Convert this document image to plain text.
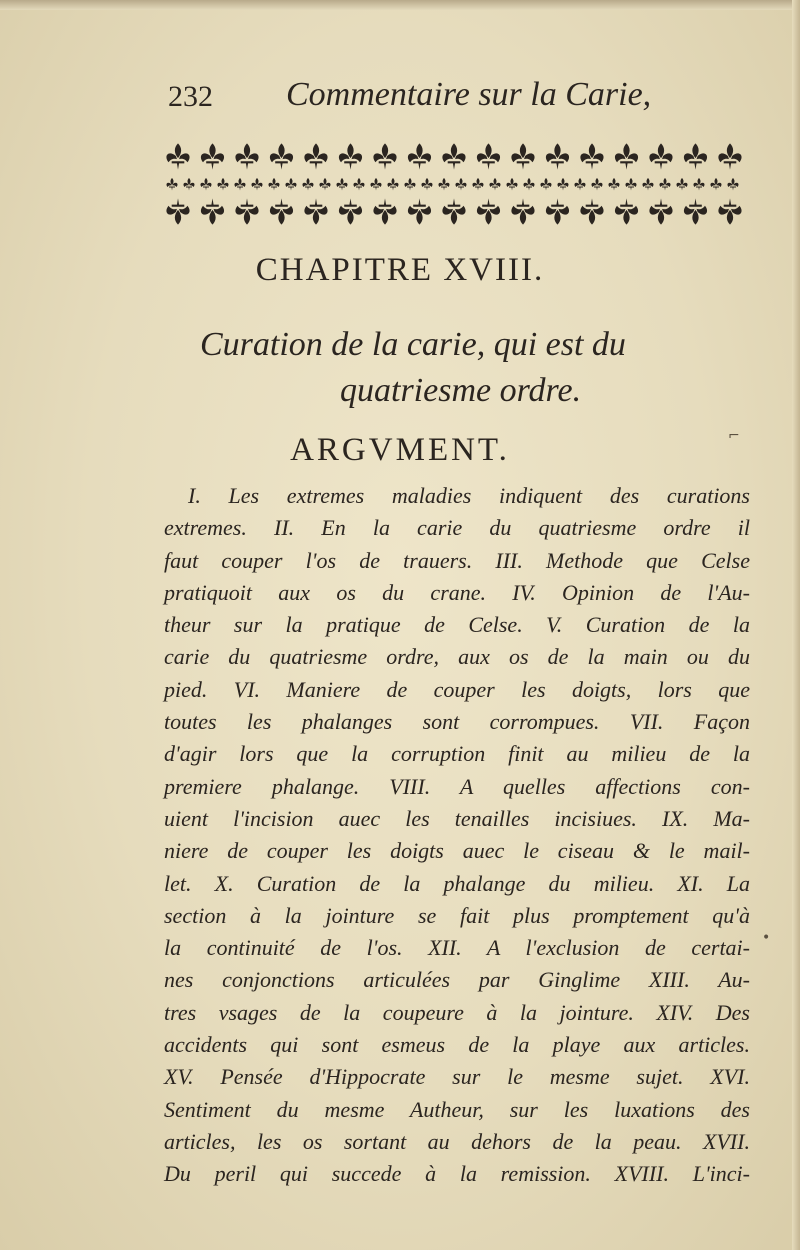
232 Commentaire sur la Carie,
CHAPITRE XVIII.
Curation de la carie, qui est du
quatriesme ordre.
ARGVMENT.
I. Les extremes maladies indiquent des curations
extremes. II. En la carie du quatriesme ordre il
faut couper l'os de trauers. III. Methode que Celse
pratiquoit aux os du crane. IV. Opinion de l'Au-
theur sur la pratique de Celse. V. Curation de la
carie du quatriesme ordre, aux os de la main ou du
pied. VI. Maniere de couper les doigts, lors que
toutes les phalanges sont corrompues. VII. Façon
d'agir lors que la corruption finit au milieu de la
premiere phalange. VIII. A quelles affections con-
uient l'incision auec les tenailles incisiues. IX. Ma-
niere de couper les doigts auec le ciseau & le mail-
let. X. Curation de la phalange du milieu. XI. La
section à la jointure se fait plus promptement qu'à
la continuité de l'os. XII. A l'exclusion de certai-
nes conjonctions articulées par Ginglime XIII. Au-
tres vsages de la coupeure à la jointure. XIV. Des
accidents qui sont esmeus de la playe aux articles.
XV. Pensée d'Hippocrate sur le mesme sujet. XVI.
Sentiment du mesme Autheur, sur les luxations des
articles, les os sortant au dehors de la peau. XVII.
Du peril qui succede à la remission. XVIII. L'inci-
⌐
•
